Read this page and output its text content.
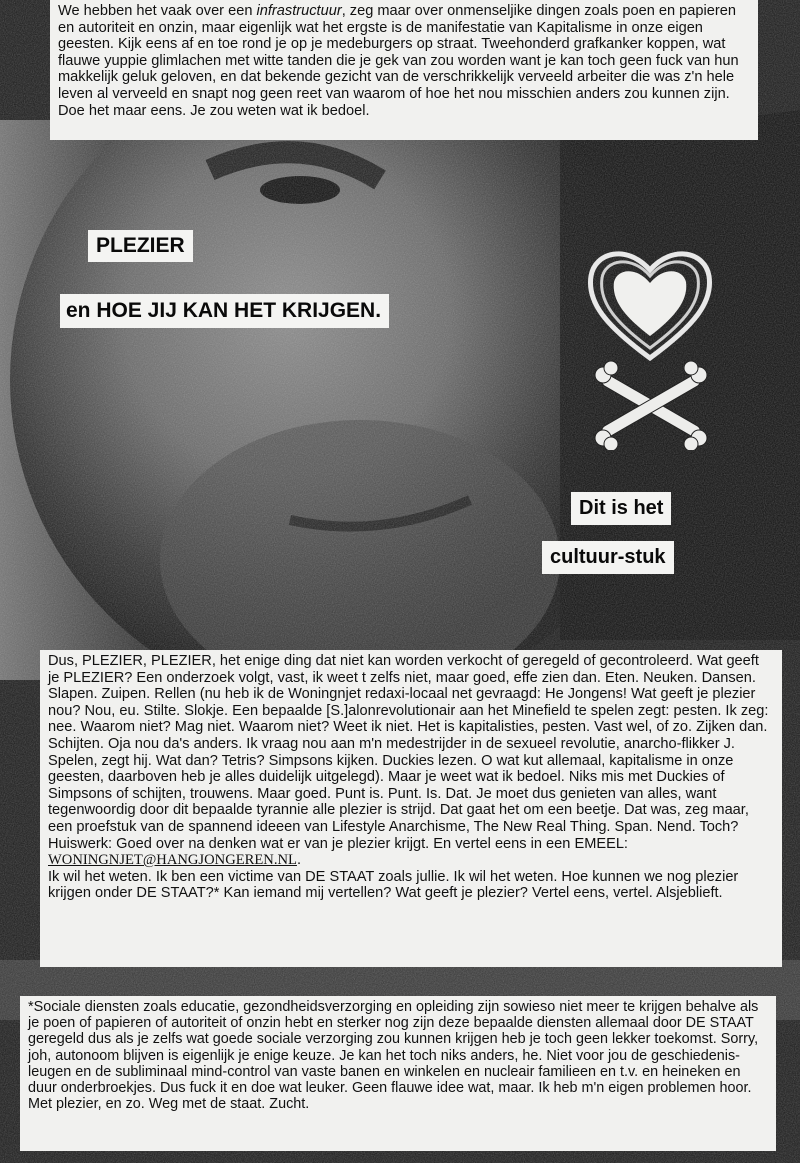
We hebben het vaak over een infrastructuur, zeg maar over onmenseljike dingen zoals poen en papieren en autoriteit en onzin, maar eigenlijk wat het ergste is de manifestatie van Kapitalisme in onze eigen geesten. Kijk eens af en toe rond je op je medeburgers op straat. Tweehonderd grafkanker koppen, wat flauwe yuppie glimlachen met witte tanden die je gek van zou worden want je kan toch geen fuck van hun makkelijk geluk geloven, en dat bekende gezicht van de verschrikkelijk verveeld arbeiter die was z'n hele leven al verveeld en snapt nog geen reet van waarom of hoe het nou misschien anders zou kunnen zijn. Doe het maar eens. Je zou weten wat ik bedoel.

PLEZIER
en HOE JIJ KAN HET KRIJGEN.
Dit is het
cultuur-stuk

Dus, PLEZIER, PLEZIER, het enige ding dat niet kan worden verkocht of geregeld of gecontroleerd. Wat geeft je PLEZIER? Een onderzoek volgt, vast, ik weet t zelfs niet, maar goed, effe zien dan. Eten. Neuken. Dansen. Slapen. Zuipen. Rellen (nu heb ik de Woningnjet redaxi-locaal net gevraagd: He Jongens! Wat geeft je plezier nou? Nou, eu. Stilte. Slokje. Een bepaalde [S.]alonrevolutionair aan het Minefield te spelen zegt: pesten. Ik zeg: nee. Waarom niet? Mag niet. Waarom niet? Weet ik niet. Het is kapitalisties, pesten. Vast wel, of zo. Zijken dan. Schijten. Oja nou da's anders. Ik vraag nou aan m'n medestrijder in de sexueel revolutie, anarcho-flikker J. Spelen, zegt hij. Wat dan? Tetris? Simpsons kijken. Duckies lezen. O wat kut allemaal, kapitalisme in onze geesten, daarboven heb je alles duidelijk uitgelegd). Maar je weet wat ik bedoel. Niks mis met Duckies of Simpsons of schijten, trouwens. Maar goed. Punt is. Punt. Is. Dat. Je moet dus genieten van alles, want tegenwoordig door dit bepaalde tyrannie alle plezier is strijd. Dat gaat het om een beetje. Dat was, zeg maar, een proefstuk van de spannend ideeen van Lifestyle Anarchisme, The New Real Thing. Span. Nend. Toch? Huiswerk: Goed over na denken wat er van je plezier krijgt. En vertel eens in een EMEEL: WONINGNJET@HANGJONGEREN.NL.

Ik wil het weten. Ik ben een victime van DE STAAT zoals jullie. Ik wil het weten. Hoe kunnen we nog plezier krijgen onder DE STAAT?* Kan iemand mij vertellen? Wat geeft je plezier? Vertel eens, vertel. Alsjeblieft.

*Sociale diensten zoals educatie, gezondheidsverzorging en opleiding zijn sowieso niet meer te krijgen behalve als je poen of papieren of autoriteit of onzin hebt en sterker nog zijn deze bepaalde diensten allemaal door DE STAAT geregeld dus als je zelfs wat goede sociale verzorging zou kunnen krijgen heb je toch geen lekker toekomst. Sorry, joh, autonoom blijven is eigenlijk je enige keuze. Je kan het toch niks anders, he. Niet voor jou de geschiedenis-leugen en de subliminaal mind-control van vaste banen en winkelen en nucleair familieen en t.v. en heineken en duur onderbroekjes. Dus fuck it en doe wat leuker. Geen flauwe idee wat, maar. Ik heb m'n eigen problemen hoor. Met plezier, en zo. Weg met de staat. Zucht.
